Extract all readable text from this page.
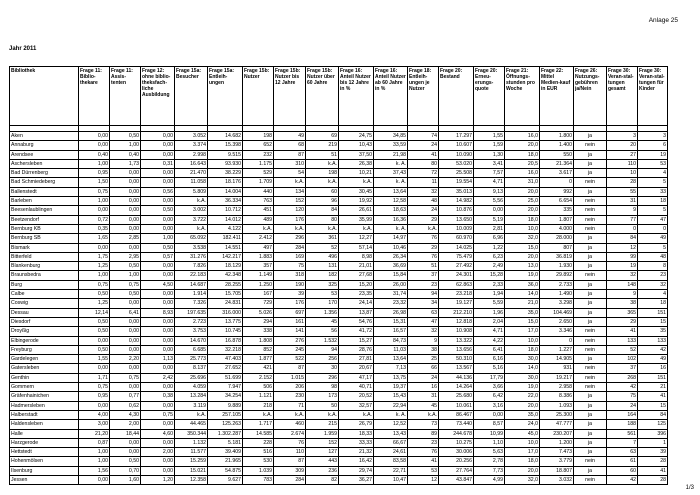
Anlage 25
Jahr 2011
Bibliothek	Frage 11: Biblio-thekare	Frage 11: Assis-tenten	Frage 12: ohne biblio-theksfach-liche Ausbildung	Frage 15a: Besucher	Frage 15a: Entleih-ungen	Frage 15b: Nutzer	Frage 15b: Nutzer bis 12 Jahre	Frage 15b: Nutzer über 60 Jahre	Frage 16: Anteil Nutzer bis 12 Jahre in %	Frage 16: Anteil Nutzer ab 60 Jahre in %	Frage 18: Entleih-ungen je Nutzer	Frage 20: Bestand	Frage 20: Erneu-erungs-quote	Frage 21: Öffnungs-stunden pro Woche	Frage 22: Mittel Medien-kauf in EUR	Frage 26: Nutzungs-gebühren ja/Nein	Frage 30: Veran-stal-tungen gesamt	Frage 30: Veran-stal-tungen für Kinder

Aken	0,00	0,50	0,00	3.052	14.682	198	49	69	24,75	34,85	74	17.297	1,55	16,0	1.800	ja	3	3
Annaburg	0,00	1,00	0,00	3.374	15.398	652	68	219	10,43	33,59	24	10.607	1,59	20,0	1.400	nein	20	6
Arendsee	0,40	0,40	0,00	2.998	9.515	232	87	51	37,50	21,98	41	10.090	1,30	18,0	550	ja	27	19
Aschersleben	1,00	1,73	0,31	16.643	93.930	1.175	310	k.A.	26,38	k. A.	80	53.020	3,41	20,5	21.364	ja	110	53
Bad Dürrenberg	0,95	0,00	0,00	21.470	38.229	529	54	198	10,21	37,43	72	25.508	7,57	16,0	3.617	ja	10	4
Bad Schmiedeberg	1,50	0,00	0,00	11.058	18.176	1.709	k.A.	k.A.	k.A.	k. A.	11	19.554	4,71	31,0	0	nein	28	5
Ballenstedt	0,75	0,00	0,56	5.809	14.004	440	134	60	30,45	13,64	32	35.013	9,13	20,0	992	ja	55	33
Barleben	1,00	0,00	0,00	k.A.	36.334	763	152	96	19,92	12,58	48	14.982	5,56	25,0	6.654	nein	31	18
Beesenlaublingen	0,00	0,00	0,50	3.002	10.712	451	120	84	26,61	18,63	24	10.876	0,00	20,0	335	nein	9	5
Beetzendorf	0,72	0,00	0,00	3.722	14.012	489	176	80	35,99	16,36	29	13.650	5,19	18,0	1.807	nein	77	47
Bernburg KB	0,35	0,00	0,00	k.A.	4.122	k.A.	k.A.	k.A.	k.A.	k. A.	k.A.	10.009	2,81	10,0	4.000	nein	0	0
Bernburg SB	1,65	2,85	1,00	65.092	182.411	2.412	296	361	12,27	14,97	76	60.970	6,96	32,0	28.000	ja	84	49
Bismark	0,00	0,00	0,50	3.538	14.551	497	284	52	57,14	10,46	29	14.025	1,22	15,0	807	ja	12	5
Bitterfeld	1,75	2,95	0,57	31.276	142.217	1.883	169	496	8,98	26,34	76	75.479	6,23	20,0	36.819	ja	99	48
Blankenburg	1,25	0,50	0,00	7.826	18.129	357	75	131	21,01	36,69	51	27.492	2,49	13,0	1.930	ja	19	8
Braunsbedra	1,00	1,00	0,00	22.183	42.348	1.149	318	182	27,68	15,84	37	24.301	15,28	19,0	29.892	nein	32	23
Burg	0,75	0,75	4,50	14.687	28.255	1.250	190	325	15,20	26,00	23	62.863	2,33	36,0	2.733	ja	148	32
Calbe	0,50	0,50	0,00	1.914	15.705	167	39	53	23,35	31,74	94	23.218	1,94	14,0	1.490	ja	9	4
Coswig	1,25	0,00	0,00	7.326	24.831	729	176	170	24,14	23,32	34	19.127	5,59	21,0	3.298	ja	38	18
Dessau	12,14	6,41	8,93	197.635	316.000	5.026	697	1.356	13,87	26,98	63	212.210	1,96	35,0	104.469	ja	365	151
Diesdorf	0,50	0,00	0,00	2.723	13.775	294	161	45	54,76	15,31	47	12.818	2,04	15,0	2.650	ja	29	15
Droyßig	0,50	0,00	0,00	3.753	10.745	338	141	56	41,72	16,57	32	10.908	4,71	17,0	3.346	nein	41	35
Elbingerode	0,00	0,00	0,00	14.670	16.878	1.808	276	1.532	15,27	84,73	9	13.322	4,22	10,0	0	nein	133	133
Freyburg	0,50	0,00	0,00	6.685	32.218	852	245	94	28,76	11,03	38	13.656	6,41	18,0	1.227	nein	52	42
Gardelegen	1,55	2,20	1,13	25.773	47.403	1.877	522	256	27,81	13,64	25	50.310	6,16	30,0	14.905	ja	102	49
Gatersleben	0,00	0,00	0,00	8.137	27.652	421	87	30	20,67	7,13	66	13.567	5,16	14,0	931	nein	37	16
Genthin	1,71	0,75	2,42	25.696	51.699	2.152	1.015	296	47,17	13,75	24	44.136	17,79	30,0	19.217	nein	268	151
Gommern	0,75	0,00	0,00	4.059	7.947	506	206	98	40,71	19,37	16	14.264	3,66	19,0	2.958	nein	42	21
Gräfenhainichen	0,95	0,77	0,38	13.284	34.254	1.121	230	173	20,52	15,43	31	25.680	6,42	22,0	8.386	ja	75	41
Hadmersleben	0,00	0,62	0,00	3.119	9.889	218	71	50	32,57	22,94	45	10.061	3,16	20,0	1.093	ja	24	15
Halberstadt	4,00	4,30	0,75	k.A.	257.105	k.A.	k.A.	k.A.	k.A.	k. A.	k.A.	86.467	0,00	35,0	25.300	ja	164	84
Haldensleben	3,00	2,00	0,00	44.465	125.263	1.717	460	215	26,79	12,52	73	73.440	8,57	24,0	47.777	ja	188	125
Halle	21,20	18,44	4,60	350.344	1.302.287	14.585	2.674	1.959	18,33	13,43	89	244.678	10,99	45,0	230.207	ja	561	396
Harzgerode	0,87	0,00	0,00	1.132	5.181	228	76	152	33,33	66,67	23	10.275	1,10	10,0	1.200	ja	7	1
Hettstedt	1,00	0,00	2,00	11.577	39.409	516	110	127	21,32	24,61	76	30.006	5,63	17,0	7.473	ja	63	39
Hohenmölsen	1,00	0,50	0,00	15.259	21.965	530	87	443	16,42	83,58	41	20.256	2,78	18,0	3.779	nein	61	28
Ilsenburg	1,56	0,70	0,00	15.021	54.875	1.039	309	236	29,74	22,71	53	27.764	7,73	20,0	18.807	ja	60	41
Jessen	0,00	1,60	1,20	12.358	9.627	783	284	82	36,27	10,47	12	43.847	4,99	32,0	3.032	nein	42	28
1/3
